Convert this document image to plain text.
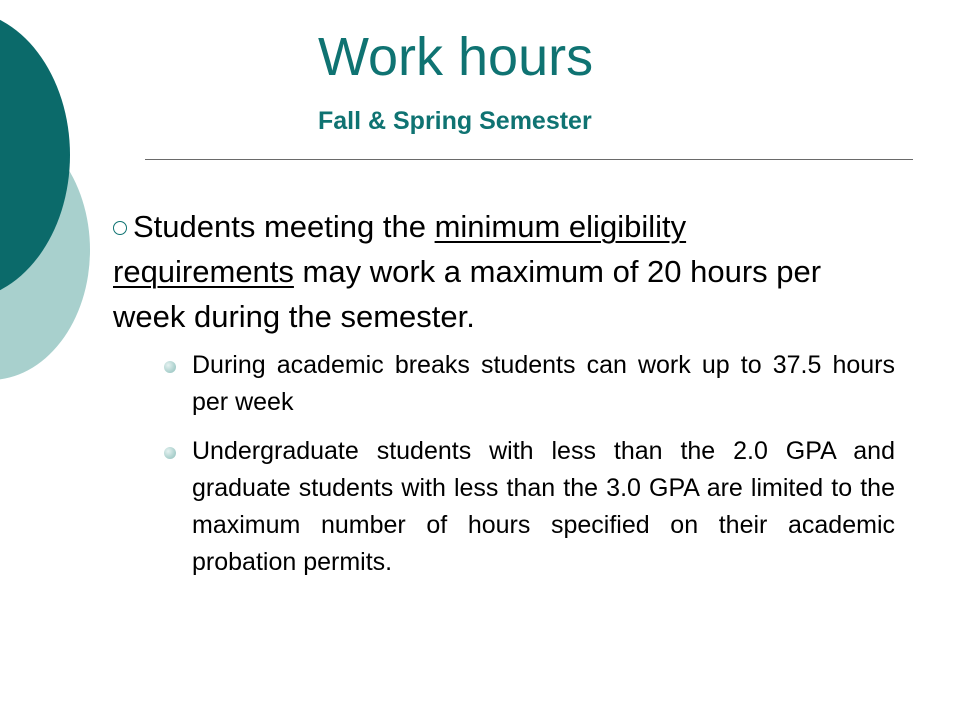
Work hours
Fall & Spring Semester

Students meeting the minimum eligibility requirements may work a maximum of 20 hours per week during the semester.

During academic breaks students can work up to 37.5 hours per week
Undergraduate students with less than the 2.0 GPA and graduate students with less than the 3.0 GPA are limited to the maximum number of hours specified on their academic probation permits.
